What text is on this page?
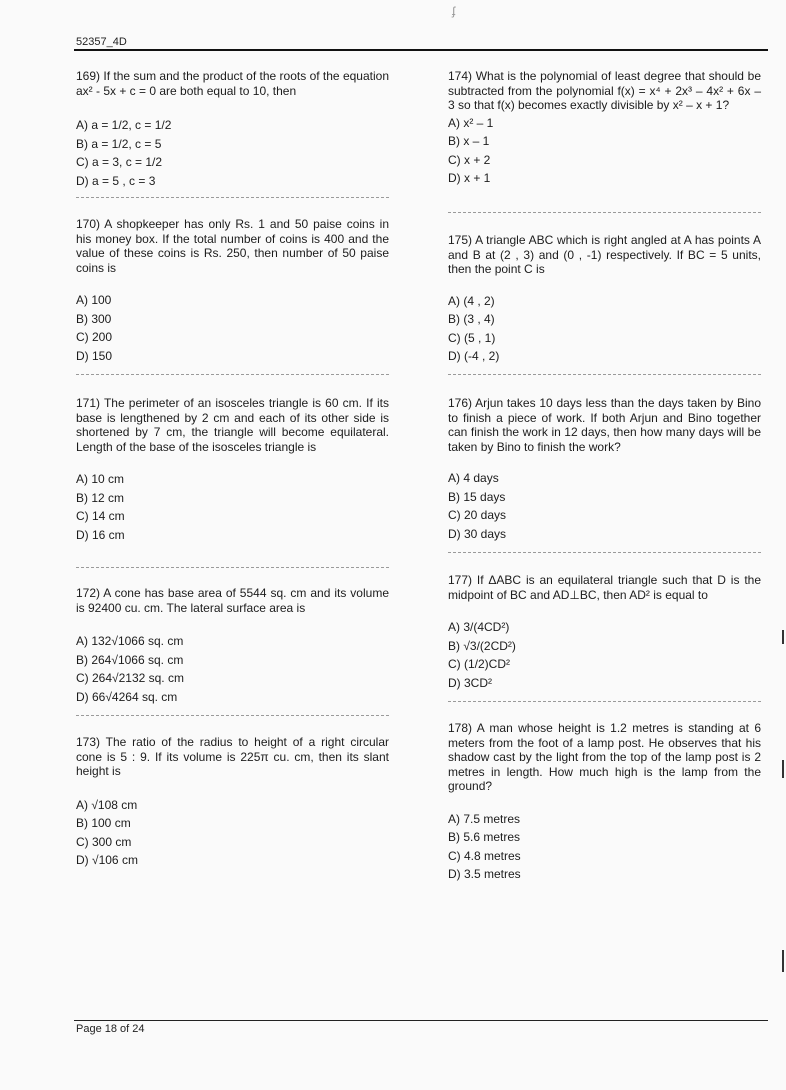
ʄ
52357_4D
169) If the sum and the product of the roots of the equation ax² - 5x + c = 0 are both equal to 10, then
A) a = 1/2, c = 1/2
B) a = 1/2, c = 5
C) a = 3, c = 1/2
D) a = 5 , c = 3
170) A shopkeeper has only Rs. 1 and 50 paise coins in his money box. If the total number of coins is 400 and the value of these coins is Rs. 250, then number of 50 paise coins is
A) 100
B) 300
C) 200
D) 150
171) The perimeter of an isosceles triangle is 60 cm. If its base is lengthened by 2 cm and each of its other side is shortened by 7 cm, the triangle will become equilateral. Length of the base of the isosceles triangle is
A) 10 cm
B) 12 cm
C) 14 cm
D) 16 cm
172) A cone has base area of 5544 sq. cm and its volume is 92400 cu. cm. The lateral surface area is
A) 132√1066 sq. cm
B) 264√1066 sq. cm
C) 264√2132 sq. cm
D) 66√4264 sq. cm
173) The ratio of the radius to height of a right circular cone is 5 : 9. If its volume is 225π cu. cm, then its slant height is
A) √108 cm
B) 100 cm
C) 300 cm
D) √106 cm
174) What is the polynomial of least degree that should be subtracted from the polynomial f(x) = x⁴ + 2x³ – 4x² + 6x – 3 so that f(x) becomes exactly divisible by x² – x + 1?
A) x² – 1
B) x – 1
C) x + 2
D) x + 1
175) A triangle ABC which is right angled at A has points A and B at (2 , 3) and (0 , -1) respectively. If BC = 5 units, then the point C is
A) (4 , 2)
B) (3 , 4)
C) (5 , 1)
D) (-4 , 2)
176) Arjun takes 10 days less than the days taken by Bino to finish a piece of work. If both Arjun and Bino together can finish the work in 12 days, then how many days will be taken by Bino to finish the work?
A) 4 days
B) 15 days
C) 20 days
D) 30 days
177) If ΔABC is an equilateral triangle such that D is the midpoint of BC and AD⊥BC, then AD² is equal to
A) 3/(4CD²)
B) √3/(2CD²)
C) (1/2)CD²
D) 3CD²
178) A man whose height is 1.2 metres is standing at 6 meters from the foot of a lamp post. He observes that his shadow cast by the light from the top of the lamp post is 2 metres in length. How much high is the lamp from the ground?
A) 7.5 metres
B) 5.6 metres
C) 4.8 metres
D) 3.5 metres
Page 18 of 24
